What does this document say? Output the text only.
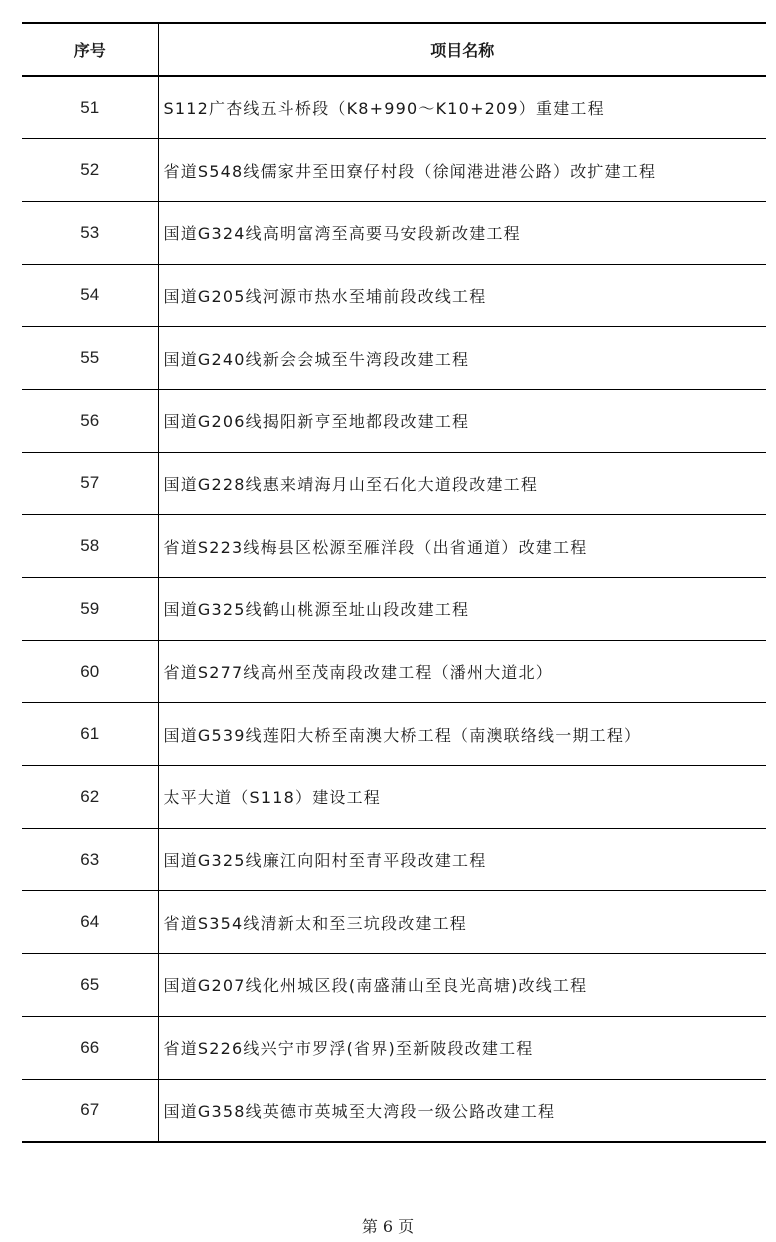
序号	项目名称
51	S112广杏线五斗桥段（K8+990～K10+209）重建工程
52	省道S548线儒家井至田寮仔村段（徐闻港进港公路）改扩建工程
53	国道G324线高明富湾至高要马安段新改建工程
54	国道G205线河源市热水至埔前段改线工程
55	国道G240线新会会城至牛湾段改建工程
56	国道G206线揭阳新亨至地都段改建工程
57	国道G228线惠来靖海月山至石化大道段改建工程
58	省道S223线梅县区松源至雁洋段（出省通道）改建工程
59	国道G325线鹤山桃源至址山段改建工程
60	省道S277线高州至茂南段改建工程（潘州大道北）
61	国道G539线莲阳大桥至南澳大桥工程（南澳联络线一期工程）
62	太平大道（S118）建设工程
63	国道G325线廉江向阳村至青平段改建工程
64	省道S354线清新太和至三坑段改建工程
65	国道G207线化州城区段(南盛蒲山至良光高塘)改线工程
66	省道S226线兴宁市罗浮(省界)至新陂段改建工程
67	国道G358线英德市英城至大湾段一级公路改建工程
第 6 页
